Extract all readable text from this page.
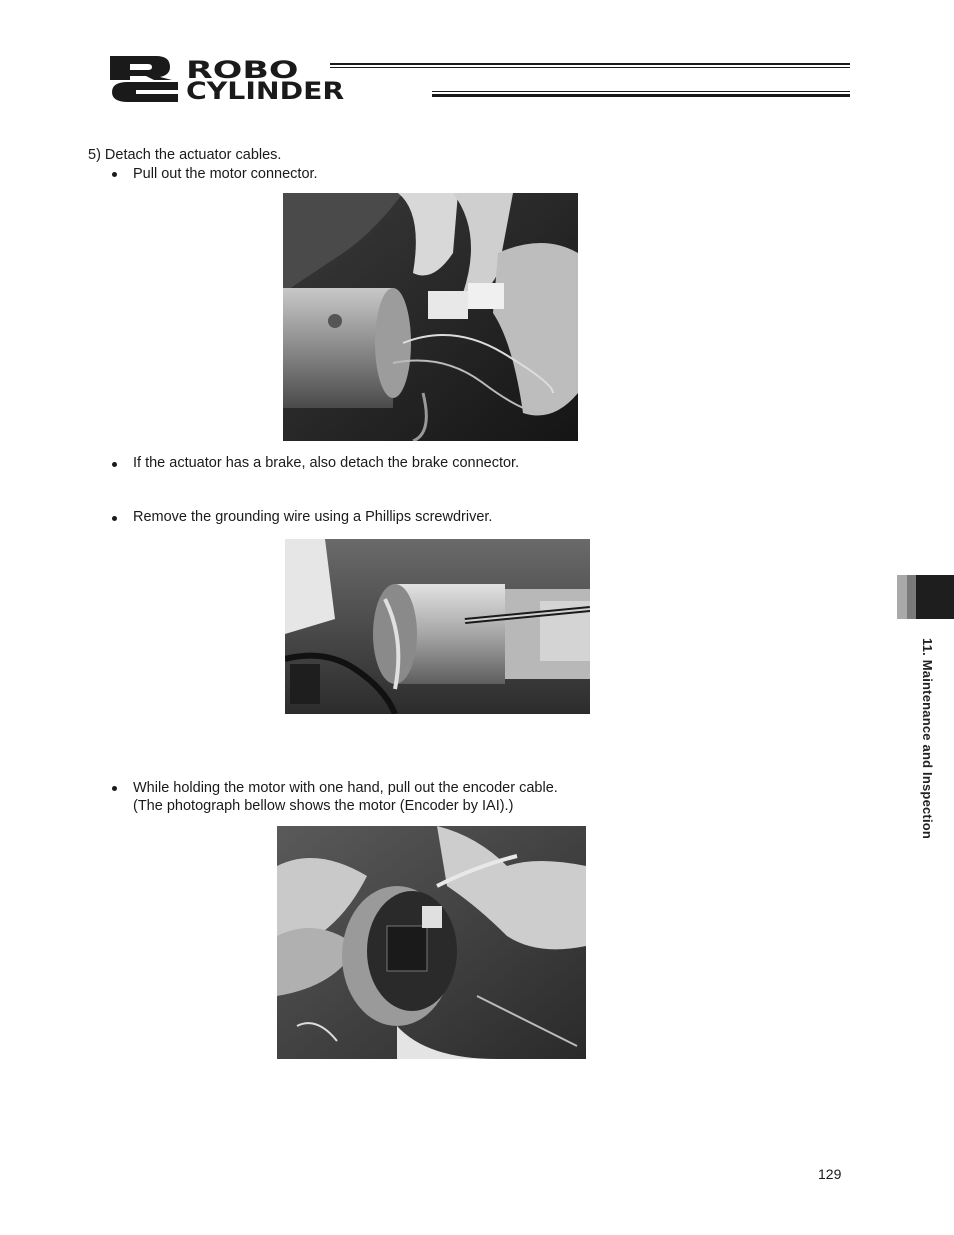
ROBO
CYLINDER
5) Detach the actuator cables.
Pull out the motor connector.
If the actuator has a brake, also detach the brake connector.
Remove the grounding wire using a Phillips screwdriver.
While holding the motor with one hand, pull out the encoder cable.
(The photograph bellow shows the motor (Encoder by IAI).)	11. Maintenance and Inspection
129
